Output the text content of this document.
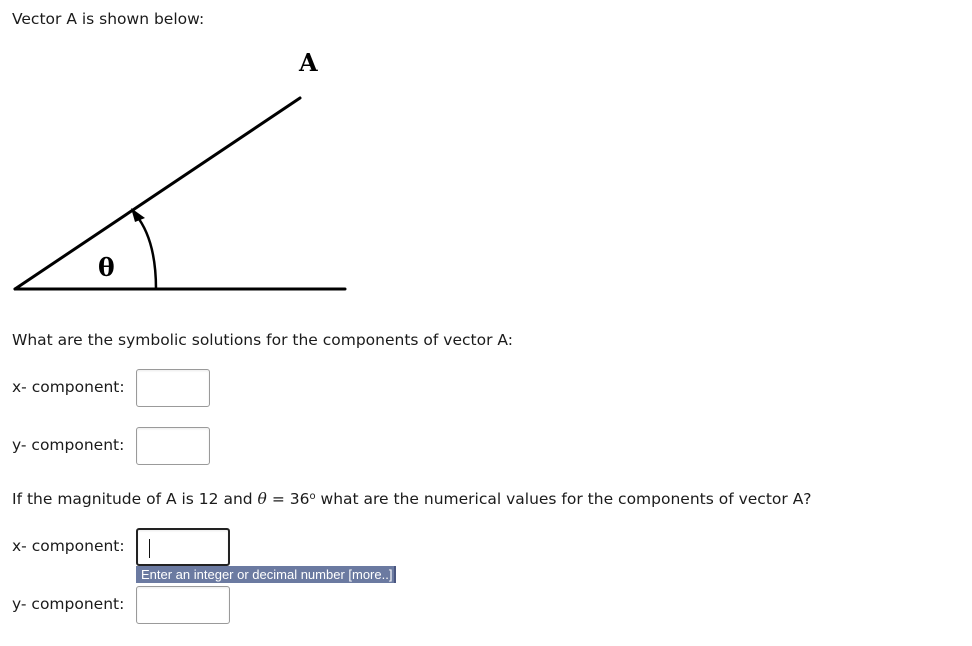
Vector A is shown below:
A
θ
What are the symbolic solutions for the components of vector A:
x- component:
y- component:
If the magnitude of A is 12 and $\theta = 36^o$ what are the numerical values for the components of vector A?
x- component:
Enter an integer or decimal number [more..]
y- component:
